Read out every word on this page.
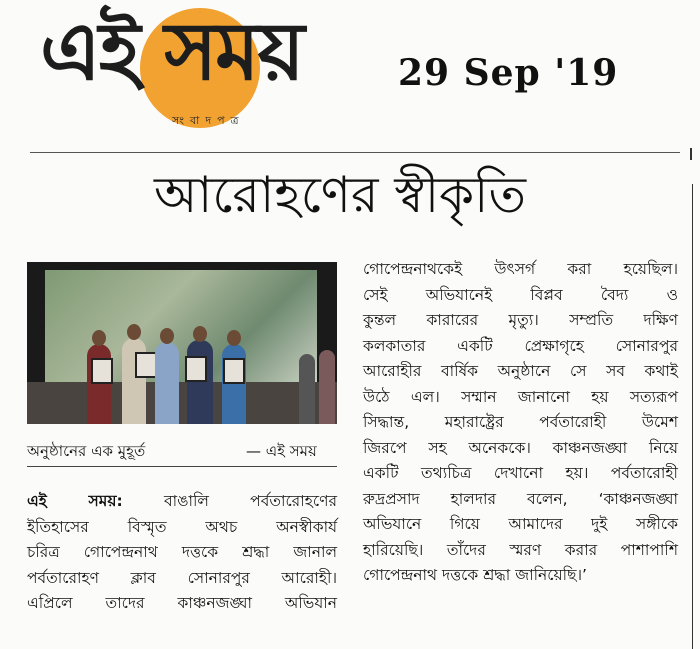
এই সময়
সংবাদপত্র
29 Sep '19
আরোহণের স্বীকৃতি
অনুষ্ঠানের এক মুহূর্ত	— এই সময়

এই সময়:	বাঙালি পর্বতারোহণের

ইতিহাসের বিস্মৃত অথচ অনস্বীকার্য

চরিত্র গোপেন্দ্রনাথ দত্তকে শ্রদ্ধা জানাল

পর্বতারোহণ ক্লাব সোনারপুর আরোহী।

এপ্রিলে তাদের কাঞ্চনজঙ্ঘা অভিযান

গোপেন্দ্রনাথকেই উৎসর্গ করা হয়েছিল।

সেই অভিযানেই বিপ্লব বৈদ্য ও

কুন্তল কারারের মৃত্যু। সম্প্রতি দক্ষিণ

কলকাতার একটি প্রেক্ষাগৃহে সোনারপুর

আরোহীর বার্ষিক অনুষ্ঠানে সে সব কথাই

উঠে এল। সম্মান জানানো হয় সত্যরূপ

সিদ্ধান্ত, মহারাষ্ট্রের পর্বতারোহী উমেশ

জিরপে সহ অনেককে। কাঞ্চনজঙ্ঘা নিয়ে

একটি তথ্যচিত্র দেখানো হয়। পর্বতারোহী

রুদ্রপ্রসাদ হালদার বলেন, ‘কাঞ্চনজঙ্ঘা

অভিযানে গিয়ে আমাদের দুই সঙ্গীকে

হারিয়েছি। তাঁদের স্মরণ করার পাশাপাশি

গোপেন্দ্রনাথ দত্তকে শ্রদ্ধা জানিয়েছি।’
